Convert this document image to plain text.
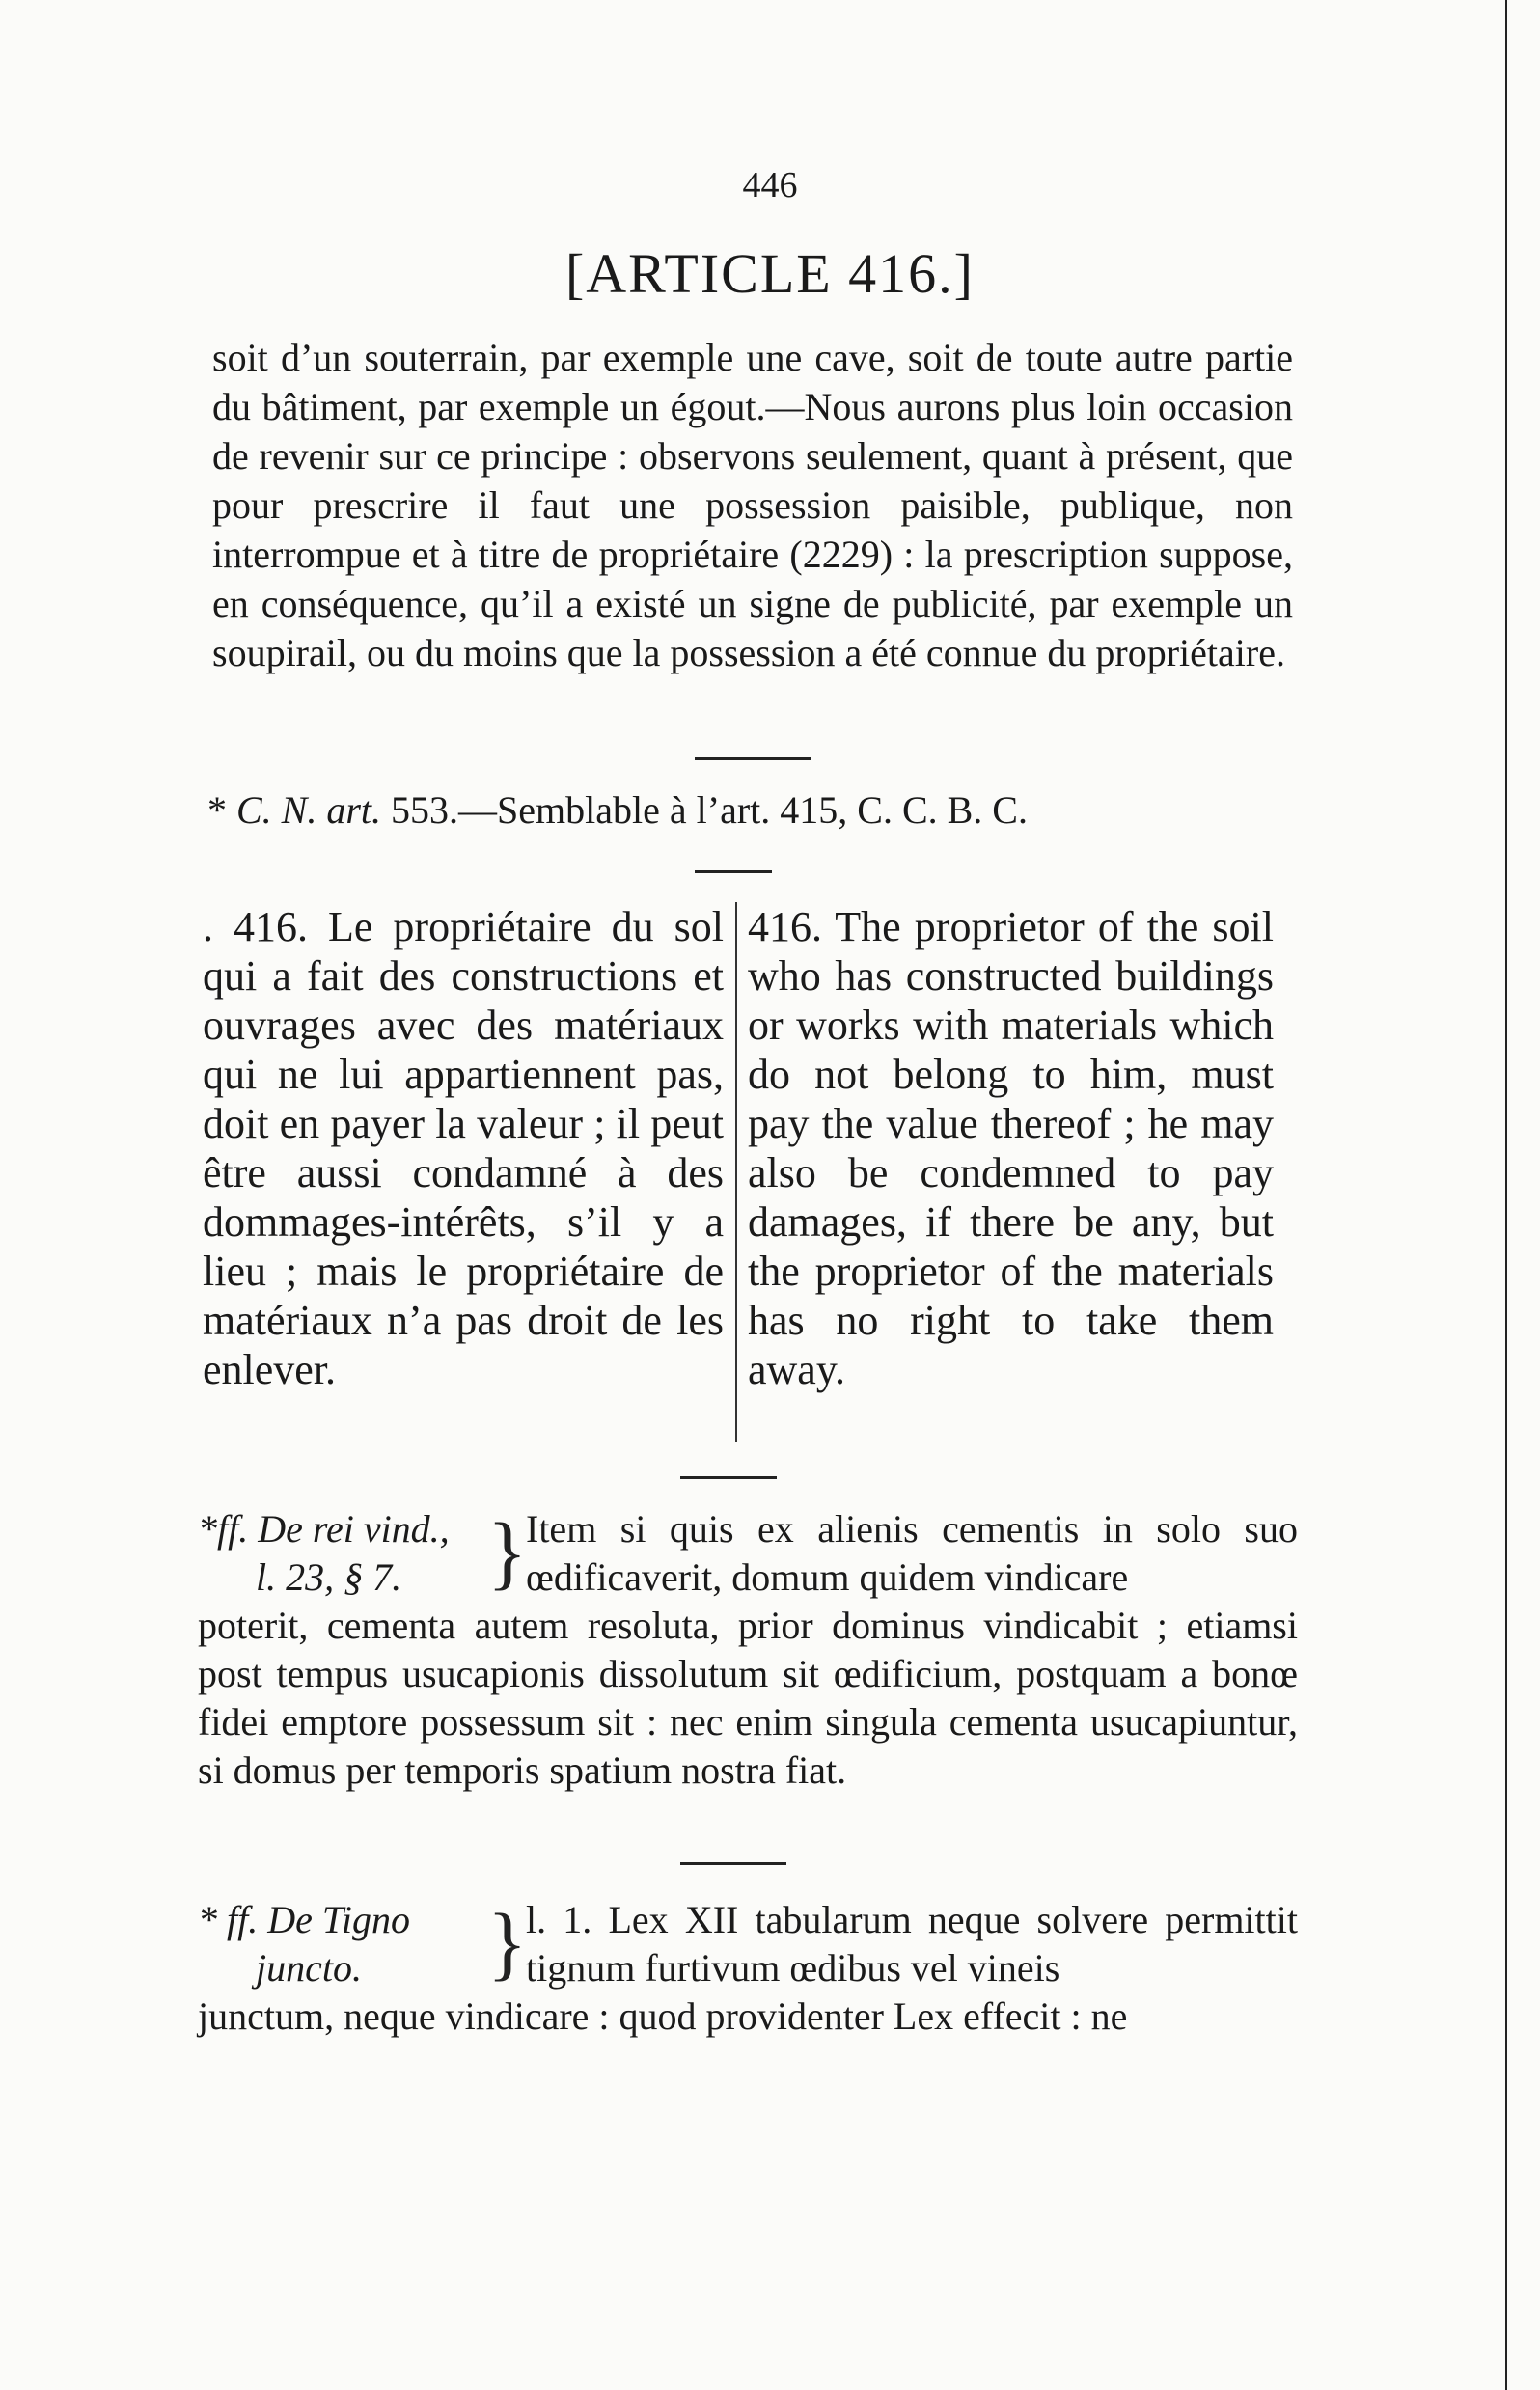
446
[ARTICLE 416.]
soit d’un souterrain, par exemple une cave, soit de toute autre partie du bâtiment, par exemple un égout.—Nous aurons plus loin occasion de revenir sur ce principe : observons seulement, quant à présent, que pour prescrire il faut une possession paisible, publique, non interrompue et à titre de propriétaire (2229) : la prescription suppose, en conséquence, qu’il a existé un signe de publicité, par exemple un soupirail, ou du moins que la possession a été connue du propriétaire.
* C. N. art. 553.—Semblable à l’art. 415, C. C. B. C.
. 416. Le propriétaire du sol qui a fait des constructions et ouvrages avec des matériaux qui ne lui appartiennent pas, doit en payer la valeur ; il peut être aussi condamné à des dommages-intérêts, s’il y a lieu ; mais le propriétaire de matériaux n’a pas droit de les enlever.
416. The proprietor of the soil who has constructed buildings or works with materials which do not belong to him, must pay the value thereof ; he may also be condemned to pay damages, if there be any, but the proprietor of the materials has no right to take them away.
*ff. De rei vind.,
l. 23, § 7.	}
Item si quis ex alienis cementis in solo suo œdificaverit, domum quidem vindicare
poterit, cementa autem resoluta, prior dominus vindicabit ; etiamsi post tempus usucapionis dissolutum sit œdificium, postquam a bonœ fidei emptore possessum sit : nec enim singula cementa usucapiuntur, si domus per temporis spatium nostra fiat.
* ff. De Tigno
juncto.	}
l. 1. Lex XII tabularum neque solvere permittit tignum furtivum œdibus vel vineis
junctum, neque vindicare : quod providenter Lex effecit : ne
